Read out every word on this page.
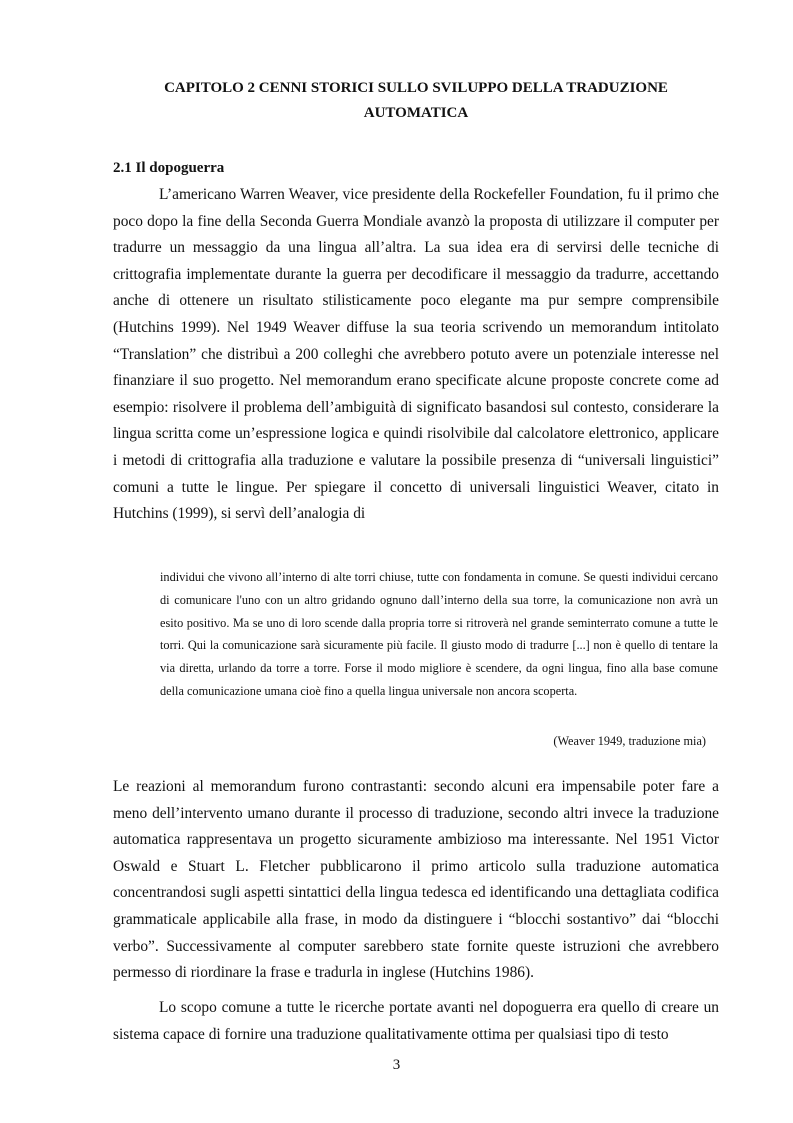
CAPITOLO 2 CENNI STORICI SULLO SVILUPPO DELLA TRADUZIONE
AUTOMATICA
2.1 Il dopoguerra

L’americano Warren Weaver, vice presidente della Rockefeller Foundation, fu il primo che poco dopo la fine della Seconda Guerra Mondiale avanzò la proposta di utilizzare il computer per tradurre un messaggio da una lingua all’altra. La sua idea era di servirsi delle tecniche di crittografia implementate durante la guerra per decodificare il messaggio da tradurre, accettando anche di ottenere un risultato stilisticamente poco elegante ma pur sempre comprensibile (Hutchins 1999). Nel 1949 Weaver diffuse la sua teoria scrivendo un memorandum intitolato “Translation” che distribuì a 200 colleghi che avrebbero potuto avere un potenziale interesse nel finanziare il suo progetto. Nel memorandum erano specificate alcune proposte concrete come ad esempio: risolvere il problema dell’ambiguità di significato basandosi sul contesto, considerare la lingua scritta come un’espressione logica e quindi risolvibile dal calcolatore elettronico, applicare i metodi di crittografia alla traduzione e valutare la possibile presenza di “universali linguistici” comuni a tutte le lingue. Per spiegare il concetto di universali linguistici Weaver, citato in Hutchins (1999), si servì dell’analogia di

individui che vivono all’interno di alte torri chiuse, tutte con fondamenta in comune. Se questi individui cercano di comunicare l'uno con un altro gridando ognuno dall’interno della sua torre, la comunicazione non avrà un esito positivo. Ma se uno di loro scende dalla propria torre si ritroverà nel grande seminterrato comune a tutte le torri. Qui la comunicazione sarà sicuramente più facile. Il giusto modo di tradurre [...] non è quello di tentare la via diretta, urlando da torre a torre. Forse il modo migliore è scendere, da ogni lingua, fino alla base comune della comunicazione umana cioè fino a quella lingua universale non ancora scoperta.

(Weaver 1949, traduzione mia)

Le reazioni al memorandum furono contrastanti: secondo alcuni era impensabile poter fare a meno dell’intervento umano durante il processo di traduzione, secondo altri invece la traduzione automatica rappresentava un progetto sicuramente ambizioso ma interessante. Nel 1951 Victor Oswald e Stuart L. Fletcher pubblicarono il primo articolo sulla traduzione automatica concentrandosi sugli aspetti sintattici della lingua tedesca ed identificando una dettagliata codifica grammaticale applicabile alla frase, in modo da distinguere i “blocchi sostantivo” dai “blocchi verbo”. Successivamente al computer sarebbero state fornite queste istruzioni che avrebbero permesso di riordinare la frase e tradurla in inglese (Hutchins 1986).

Lo scopo comune a tutte le ricerche portate avanti nel dopoguerra era quello di creare un sistema capace di fornire una traduzione qualitativamente ottima per qualsiasi tipo di testo

3
